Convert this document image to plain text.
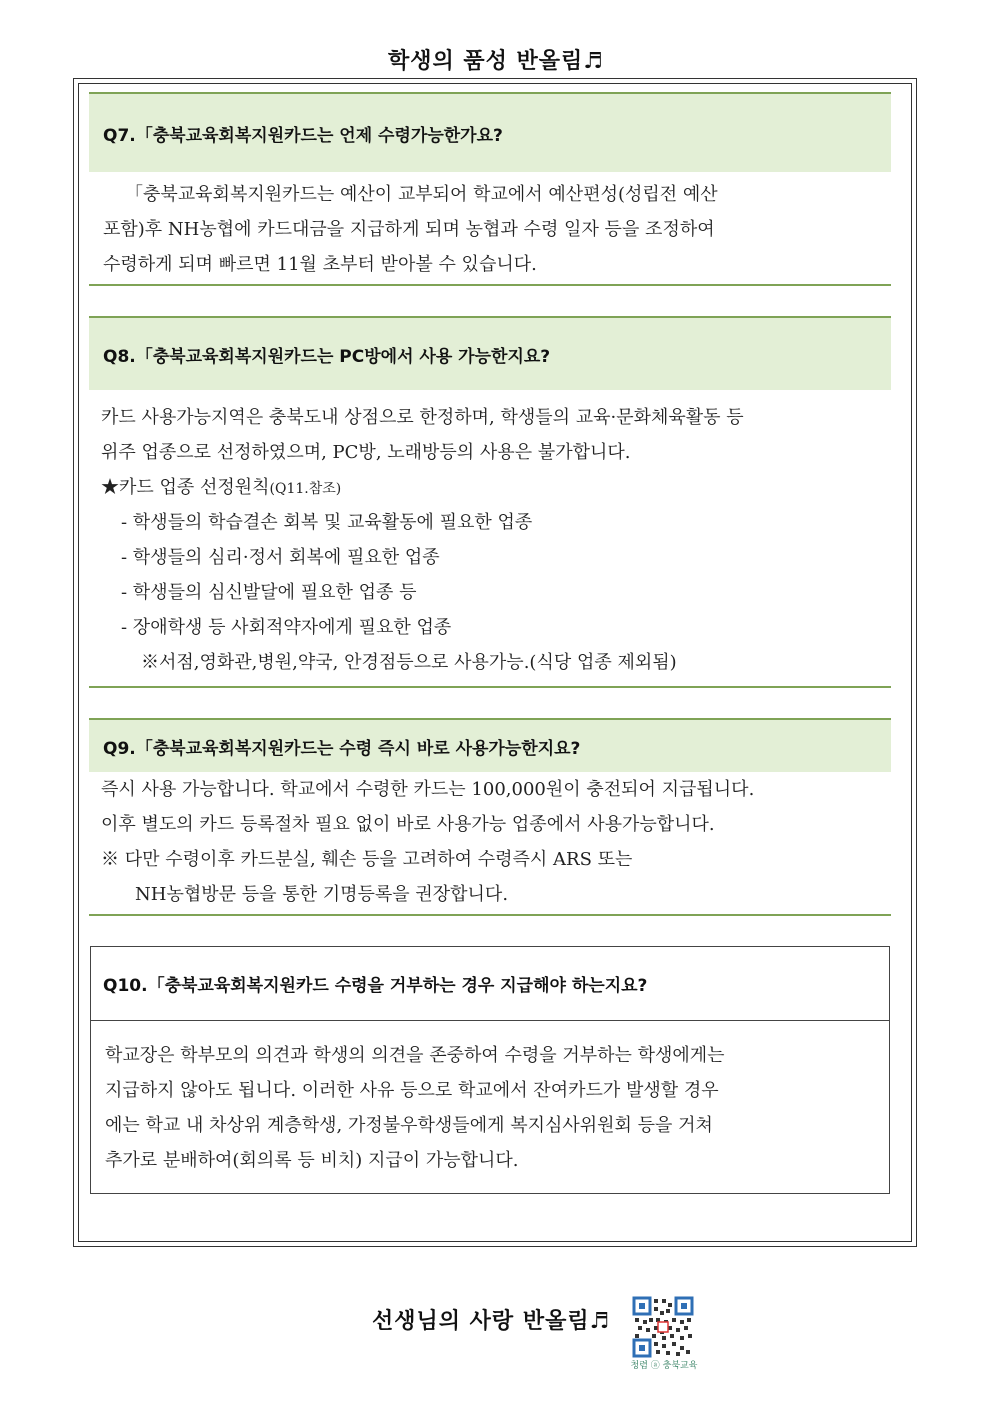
학생의 품성 반올림♬
Q7.「충북교육회복지원카드는 언제 수령가능한가요?
「충북교육회복지원카드는 예산이 교부되어 학교에서 예산편성(성립전 예산
포함)후 NH농협에 카드대금을 지급하게 되며 농협과 수령 일자 등을 조정하여
수령하게 되며 빠르면 11월 초부터 받아볼 수 있습니다.
Q8.「충북교육회복지원카드는 PC방에서 사용 가능한지요?
카드 사용가능지역은 충북도내 상점으로 한정하며, 학생들의 교육·문화체육활동 등
위주 업종으로 선정하였으며, PC방, 노래방등의 사용은 불가합니다.
★카드 업종 선정원칙(Q11.참조)
- 학생들의 학습결손 회복 및 교육활동에 필요한 업종
- 학생들의 심리·정서 회복에 필요한 업종
- 학생들의 심신발달에 필요한 업종 등
- 장애학생 등 사회적약자에게 필요한 업종
※서점,영화관,병원,약국, 안경점등으로 사용가능.(식당 업종 제외됨)
Q9.「충북교육회복지원카드는 수령 즉시 바로 사용가능한지요?
즉시 사용 가능합니다. 학교에서 수령한 카드는 100,000원이 충전되어 지급됩니다.
이후 별도의 카드 등록절차 필요 없이 바로 사용가능 업종에서 사용가능합니다.
※ 다만 수령이후 카드분실, 훼손 등을 고려하여 수령즉시 ARS 또는
NH농협방문 등을 통한 기명등록을 권장합니다.
Q10.「충북교육회복지원카드 수령을 거부하는 경우 지급해야 하는지요?
학교장은 학부모의 의견과 학생의 의견을 존중하여 수령을 거부하는 학생에게는
지급하지 않아도 됩니다. 이러한 사유 등으로 학교에서 잔여카드가 발생할 경우
에는 학교 내 차상위 계층학생, 가정불우학생들에게 복지심사위원회 등을 거쳐
추가로 분배하여(회의록 등 비치) 지급이 가능합니다.
선생님의 사랑 반올림♬
청렴 ⓐ 충북교육
